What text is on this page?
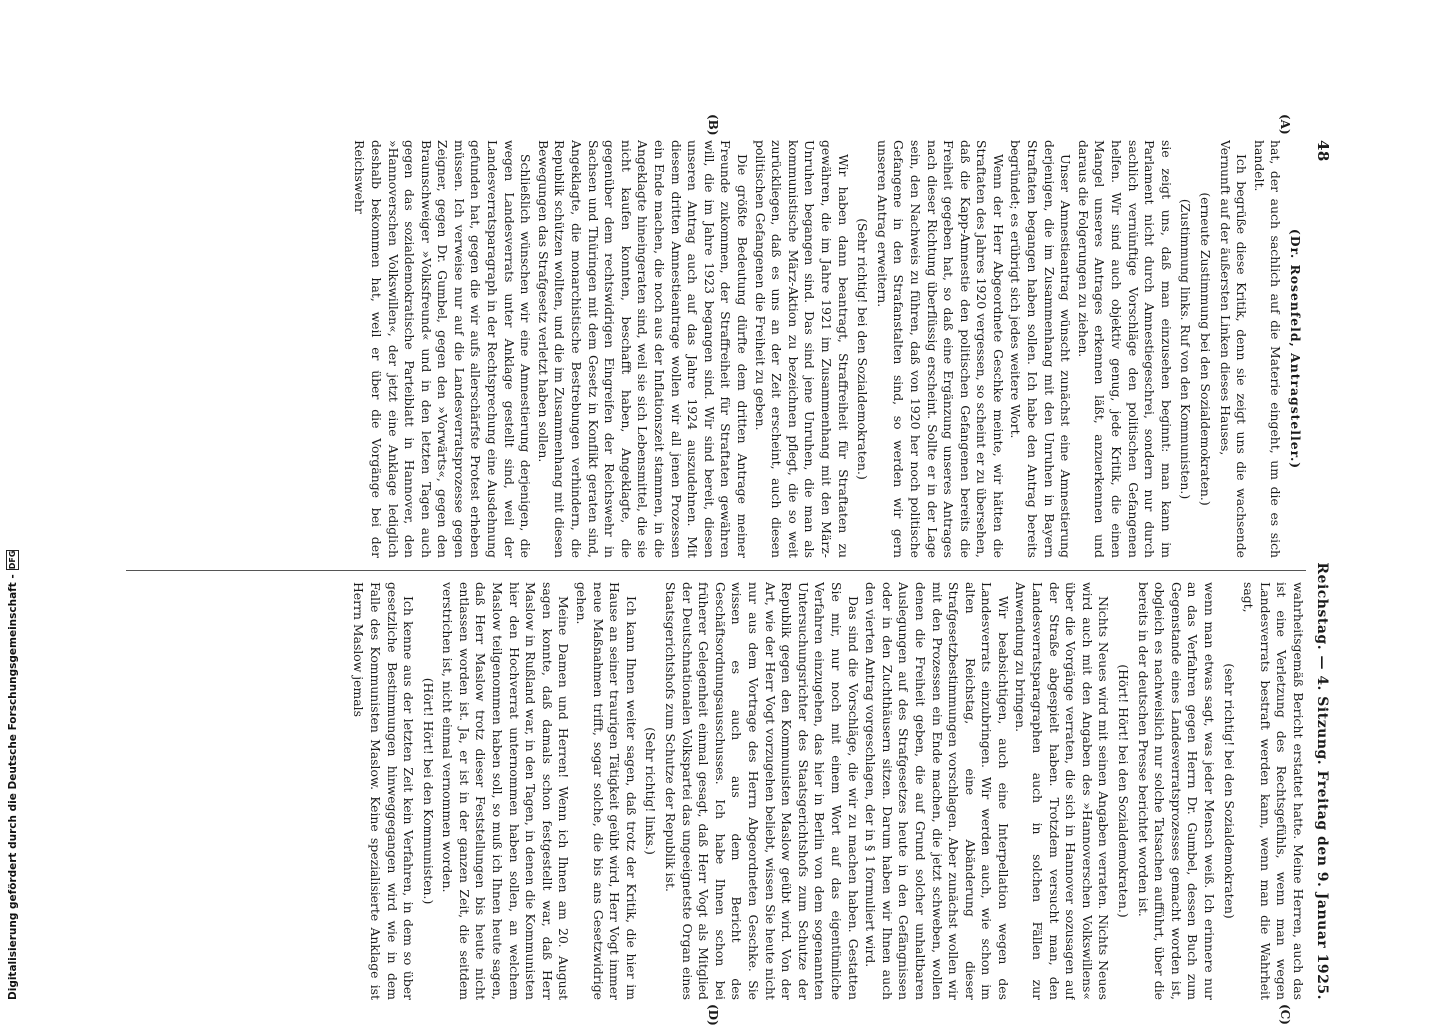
48
Reichstag. — 4. Sitzung. Freitag den 9. Januar 1925.
(A)
(B)
(C)
(D)

(Dr. Rosenfeld, Antragsteller.)

hat, der auch sachlich auf die Materie eingeht, um die es sich handelt.

Ich begrüße diese Kritik, denn sie zeigt uns die wachsende Vernunft auf der äußersten Linken dieses Hauses,

(erneute Zustimmung bei den Sozialdemokraten.)

(Zustimmung links. Ruf von den Kommunisten.)

sie zeigt uns, daß man einzusehen beginnt: man kann im Parlament nicht durch Amnestiegeschrei, sondern nur durch sachlich vernünftige Vorschläge den politischen Gefangenen helfen. Wir sind auch objektiv genug, jede Kritik, die einen Mangel unseres Antrages erkennen läßt, anzuerkennen und daraus die Folgerungen zu ziehen.

Unser Amnestieantrag wünscht zunächst eine Amnestierung derjenigen, die im Zusammenhang mit den Unruhen in Bayern Straftaten begangen haben sollen. Ich habe den Antrag bereits begründet; es erübrigt sich jedes weitere Wort.

Wenn der Herr Abgeordnete Geschke meinte, wir hätten die Straftaten des Jahres 1920 vergessen, so scheint er zu übersehen, daß die Kapp-Amnestie den politischen Gefangenen bereits die Freiheit gegeben hat, so daß eine Ergänzung unseres Antrages nach dieser Richtung überflüssig erscheint. Sollte er in der Lage sein, den Nachweis zu führen, daß von 1920 her noch politische Gefangene in den Strafanstalten sind, so werden wir gern unseren Antrag erweitern.

(Sehr richtig! bei den Sozialdemokraten.)

Wir haben dann beantragt, Straffreiheit für Straftaten zu gewähren, die im Jahre 1921 im Zusammenhang mit den März-Unruhen begangen sind. Das sind jene Unruhen, die man als kommunistische März-Aktion zu bezeichnen pflegt, die so weit zurückliegen, daß es uns an der Zeit erscheint, auch diesen politischen Gefangenen die Freiheit zu geben.

Die größte Bedeutung dürfte dem dritten Antrage meiner Freunde zukommen, der Straffreiheit für Straftaten gewähren will, die im Jahre 1923 begangen sind. Wir sind bereit, diesen unseren Antrag auch auf das Jahre 1924 auszudehnen. Mit diesem dritten Amnestieantrage wollen wir all jenen Prozessen ein Ende machen, die noch aus der Inflationszeit stammen, in die Angeklagte hineingeraten sind, weil sie sich Lebensmittel, die sie nicht kaufen konnten, beschafft haben, Angeklagte, die gegenüber dem rechtswidrigen Eingreifen der Reichswehr in Sachsen und Thüringen mit dem Gesetz in Konflikt geraten sind, Angeklagte, die monarchistische Bestrebungen verhindern, die Republik schützen wollten, und die im Zusammenhang mit diesen Bewegungen das Strafgesetz verletzt haben sollen.

Schließlich wünschen wir eine Amnestierung derjenigen, die wegen Landesverrats unter Anklage gestellt sind, weil der Landesverratsparagraph in der Rechtsprechung eine Ausdehnung gefunden hat, gegen die wir aufs allerschärfste Protest erheben müssen. Ich verweise nur auf die Landesverratsprozesse gegen Zeigner, gegen Dr. Gumbel, gegen den »Vorwärts«, gegen den Braunschweiger »Volksfreund« und in den letzten Tagen auch gegen das sozialdemokratische Parteiblatt in Hannover, den »Hannoverschen Volkswillen«, der jetzt eine Anklage lediglich deshalb bekommen hat, weil er über die Vorgänge bei der Reichswehr

wahrheitsgemäß Bericht erstattet hatte. Meine Herren, auch das ist eine Verletzung des Rechtsgefühls, wenn man wegen Landesverrats bestraft werden kann, wenn man die Wahrheit sagt,

(sehr richtig! bei den Sozialdemokraten)

wenn man etwas sagt, was jeder Mensch weiß. Ich erinnere nur an das Verfahren gegen Herrn Dr. Gumbel, dessen Buch zum Gegenstande eines Landesverratsprozesses gemacht worden ist, obgleich es nachweislich nur solche Tatsachen aufführt, über die bereits in der deutschen Presse berichtet worden ist.

(Hört! Hört! bei den Sozialdemokraten.)

Nichts Neues wird mit seinen Angaben verraten. Nichts Neues wird auch mit den Angaben des »Hannoverschen Volkswillens« über die Vorgänge verraten, die sich in Hannover sozusagen auf der Straße abgespielt haben. Trotzdem versucht man, den Landesverratsparagraphen auch in solchen Fällen zur Anwendung zu bringen.

Wir beabsichtigen, auch eine Interpellation wegen des Landesverrats einzubringen. Wir werden auch, wie schon im alten Reichstag, eine Abänderung dieser Strafgesetzbestimmungen vorschlagen. Aber zunächst wollen wir mit den Prozessen ein Ende machen, die jetzt schweben, wollen denen die Freiheit geben, die auf Grund solcher unhaltbaren Auslegungen auf des Strafgesetzes heute in den Gefängnissen oder in den Zuchthäusern sitzen. Darum haben wir Ihnen auch den vierten Antrag vorgeschlagen, der in § 1 formuliert wird.

Das sind die Vorschläge, die wir zu machen haben. Gestatten Sie mir, nur noch mit einem Wort auf das eigentümliche Verfahren einzugehen, das hier in Berlin von dem sogenannten Untersuchungsrichter des Staatsgerichtshofs zum Schutze der Republik gegen den Kommunisten Maslow geübt wird. Von der Art, wie der Herr Vogt vorzugehen beliebt, wissen Sie heute nicht nur aus dem Vortrage des Herrn Abgeordneten Geschke. Sie wissen es auch aus dem Bericht des Geschäftsordnungsausschusses. Ich habe Ihnen schon bei früherer Gelegenheit einmal gesagt, daß Herr Vogt als Mitglied der Deutschnationalen Volkspartei das ungeeignetste Organ eines Staatsgerichtshofs zum Schutze der Republik ist.

(Sehr richtig! links.)

Ich kann Ihnen weiter sagen, daß trotz der Kritik, die hier im Hause an seiner traurigen Tätigkeit geübt wird, Herr Vogt immer neue Maßnahmen trifft, sogar solche, die bis ans Gesetzwidrige gehen.

Meine Damen und Herren! Wenn ich Ihnen am 20. August sagen konnte, daß damals schon festgestellt war, daß Herr Maslow in Rußland war, in den Tagen, in denen die Kommunisten hier den Hochverrat unternommen haben sollen, an welchem Maslow teilgenommen haben soll, so muß ich Ihnen heute sagen, daß Herr Maslow trotz dieser Feststellungen bis heute nicht entlassen worden ist. Ja, er ist in der ganzen Zeit, die seitdem verstrichen ist, nicht einmal vernommen worden.

(Hört! Hört! bei den Kommunisten.)

Ich kenne aus der letzten Zeit kein Verfahren, in dem so über gesetzliche Bestimmungen hinweggegangen wird wie in dem Falle des Kommunisten Maslow. Keine spezialisierte Anklage ist Herrn Maslow jemals

Digitalisierung gefördert durch die Deutsche Forschungsgemeinschaft -
DFG
